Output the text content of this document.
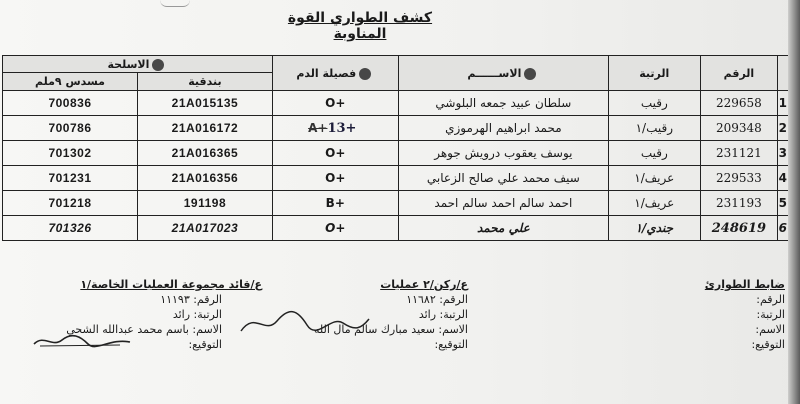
كشف الطواري القوة المناوبة
	الرقم	الرتبة	الاســــــم	فصيلة الدم	الاسلحة	
					بندقية	مسدس ٩ملم
1	229658	رقيب	سلطان عبيد جمعه البلوشي	O+	21A015135	700836
2	209348	رقيب/١	محمد ابراهيم الهرموزي	A+13+	21A016172	700786
3	231121	رقيب	يوسف يعقوب درويش جوهر	O+	21A016365	701302
4	229533	عريف/١	سيف محمد علي صالح الزعابي	O+	21A016356	701231
5	231193	عريف/١	احمد سالم احمد سالم احمد	B+	191198	701218
6	248619	جندي/١	علي محمد	O+	21A017023	701326
ع/قائد مجموعة العمليات الخاصة/١
الرقم: ١١١٩٣
الرتبة: رائد
الاسم: باسم محمد عبدالله الشحي
التوقيع:
ع/ركن/٢ عمليات
الرقم: ١١٦٨٢
الرتبة: رائد
الاسم: سعيد مبارك سالم مال الله
التوقيع:
ضابط الطوارئ
الرقم:
الرتبة:
الاسم:
التوقيع:
